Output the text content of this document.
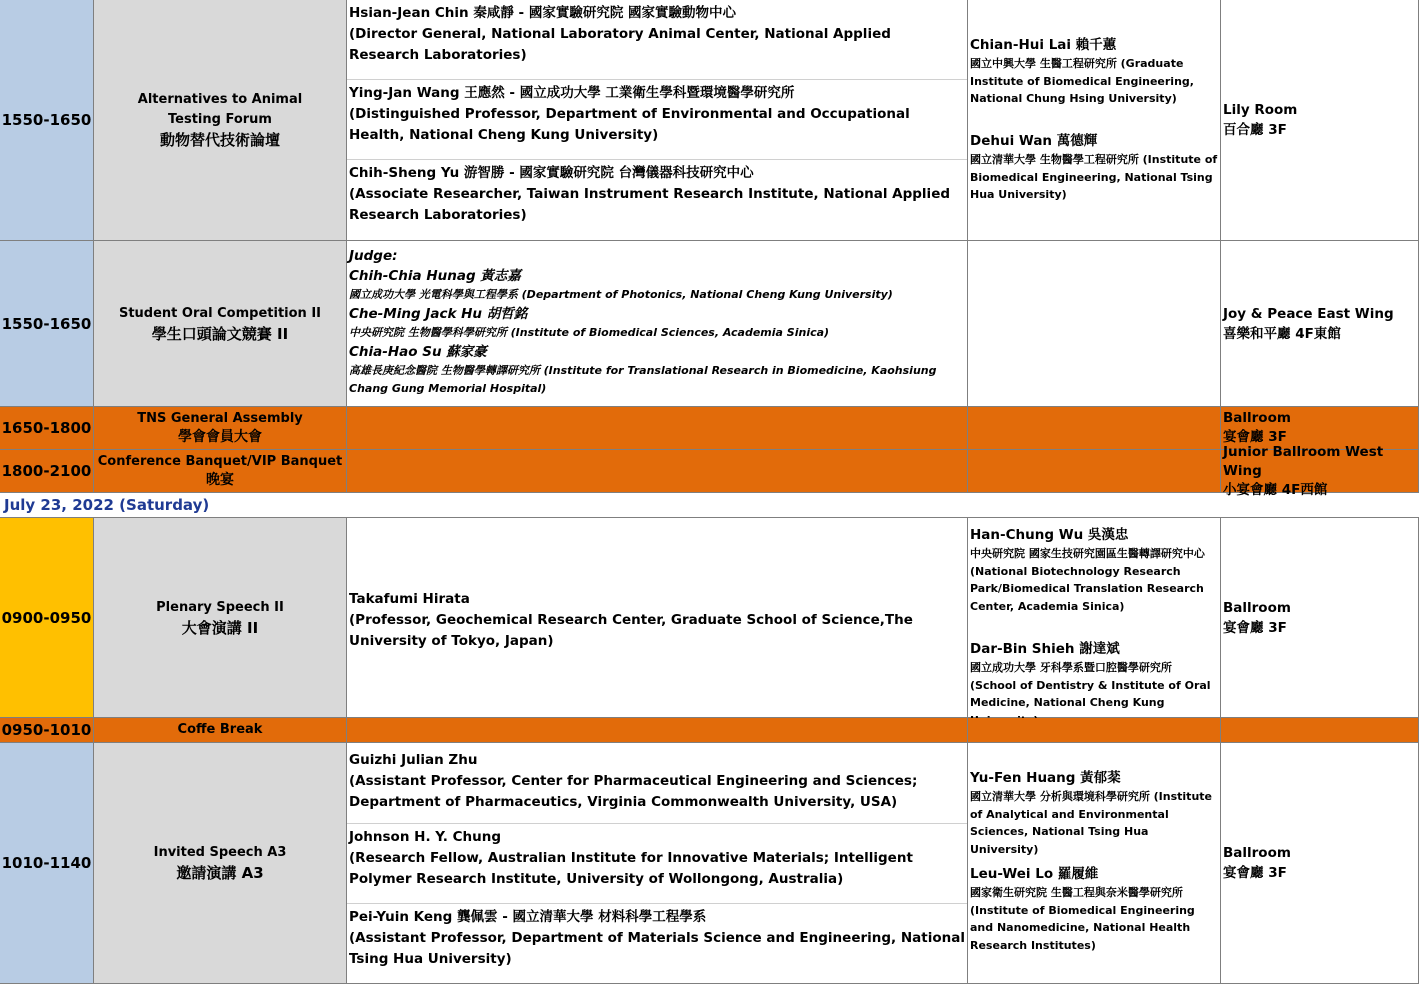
1550-1650
Alternatives to Animal Testing Forum
動物替代技術論壇
Hsian-Jean Chin 秦咸靜 - 國家實驗研究院 國家實驗動物中心
(Director General, National Laboratory Animal Center, National Applied Research Laboratories)
Ying-Jan Wang 王應然 - 國立成功大學 工業衛生學科暨環境醫學研究所
(Distinguished Professor, Department of Environmental and Occupational Health, National Cheng Kung University)
Chih-Sheng Yu 游智勝 - 國家實驗研究院 台灣儀器科技研究中心
(Associate Researcher, Taiwan Instrument Research Institute, National Applied Research Laboratories)
Chian-Hui Lai 賴千蕙
國立中興大學 生醫工程研究所 (Graduate Institute of Biomedical Engineering, National Chung Hsing University)
Dehui Wan 萬德輝
國立清華大學 生物醫學工程研究所 (Institute of Biomedical Engineering, National Tsing Hua University)
Lily Room
百合廳 3F
1550-1650
Student Oral Competition II
學生口頭論文競賽 II
Judge:
Chih-Chia Hunag 黃志嘉
國立成功大學 光電科學與工程學系 (Department of Photonics, National Cheng Kung University)
Che-Ming Jack Hu 胡哲銘
中央研究院 生物醫學科學研究所 (Institute of Biomedical Sciences, Academia Sinica)
Chia-Hao Su 蘇家豪
高雄長庚紀念醫院 生物醫學轉譯研究所 (Institute for Translational Research in Biomedicine, Kaohsiung Chang Gung Memorial Hospital)
Joy & Peace East Wing
喜樂和平廳 4F東館
1650-1800
TNS General Assembly
學會會員大會
Ballroom
宴會廳 3F
1800-2100
Conference Banquet/VIP Banquet
晚宴
Junior Ballroom West Wing
小宴會廳 4F西館
July 23, 2022 (Saturday)
0900-0950
Plenary Speech II
大會演講 II
Takafumi Hirata
(Professor, Geochemical Research Center, Graduate School of Science,The University of Tokyo, Japan)
Han-Chung Wu 吳漢忠
中央研究院 國家生技研究園區生醫轉譯研究中心 (National Biotechnology Research Park/Biomedical Translation Research Center, Academia Sinica)
Dar-Bin Shieh 謝達斌
國立成功大學 牙科學系暨口腔醫學研究所 (School of Dentistry & Institute of Oral Medicine, National Cheng Kung
Ballroom
宴會廳 3F
0950-1010	Coffe Break
1010-1140
Invited Speech A3
邀請演講 A3
Guizhi Julian Zhu
(Assistant Professor, Center for Pharmaceutical Engineering and Sciences; Department of Pharmaceutics, Virginia Commonwealth University, USA)
Johnson H. Y. Chung
(Research Fellow, Australian Institute for Innovative Materials; Intelligent Polymer Research Institute, University of Wollongong, Australia)
Pei-Yuin Keng 龔佩雲 - 國立清華大學 材料科學工程學系
(Assistant Professor, Department of Materials Science and Engineering, National Tsing Hua University)
Yu-Fen Huang 黃郁棻
國立清華大學 分析與環境科學研究所 (Institute of Analytical and Environmental Sciences, National Tsing Hua University)
Leu-Wei Lo 羅履維
國家衛生研究院 生醫工程與奈米醫學研究所 (Institute of Biomedical Engineering and Nanomedicine, National Health Research Institutes)
Ballroom
宴會廳 3F
